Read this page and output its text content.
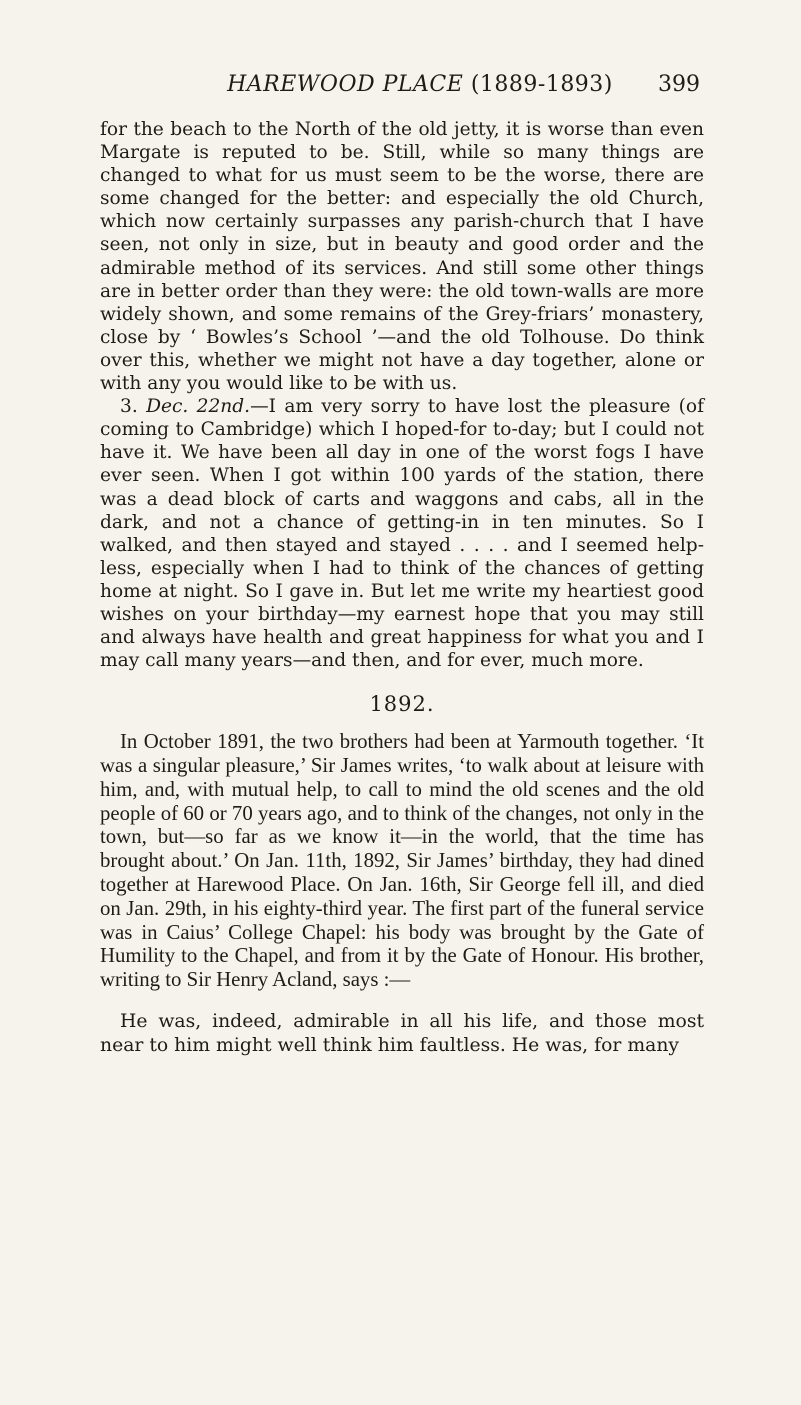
HAREWOOD PLACE (1889-1893)	399

for the beach to the North of the old jetty, it is worse than even Margate is reputed to be. Still, while so many things are changed to what for us must seem to be the worse, there are some changed for the better: and especially the old Church, which now certainly surpasses any parish-church that I have seen, not only in size, but in beauty and good order and the admirable method of its services. And still some other things are in better order than they were: the old town-walls are more widely shown, and some remains of the Grey-friars’ monastery, close by ‘ Bowles’s School ’—and the old Tolhouse. Do think over this, whether we might not have a day together, alone or with any you would like to be with us.

3. Dec. 22nd.—I am very sorry to have lost the pleasure (of coming to Cambridge) which I hoped-for to-day; but I could not have it. We have been all day in one of the worst fogs I have ever seen. When I got within 100 yards of the station, there was a dead block of carts and waggons and cabs, all in the dark, and not a chance of getting-in in ten minutes. So I walked, and then stayed and stayed . . . . and I seemed help-less, especially when I had to think of the chances of getting home at night. So I gave in. But let me write my heartiest good wishes on your birthday—my earnest hope that you may still and always have health and great happiness for what you and I may call many years—and then, and for ever, much more.

1892.

In October 1891, the two brothers had been at Yarmouth together. ‘It was a singular pleasure,’ Sir James writes, ‘to walk about at leisure with him, and, with mutual help, to call to mind the old scenes and the old people of 60 or 70 years ago, and to think of the changes, not only in the town, but—so far as we know it—in the world, that the time has brought about.’ On Jan. 11th, 1892, Sir James’ birthday, they had dined together at Harewood Place. On Jan. 16th, Sir George fell ill, and died on Jan. 29th, in his eighty-third year. The first part of the funeral service was in Caius’ College Chapel: his body was brought by the Gate of Humility to the Chapel, and from it by the Gate of Honour. His brother, writing to Sir Henry Acland, says :—

He was, indeed, admirable in all his life, and those most near to him might well think him faultless. He was, for many
